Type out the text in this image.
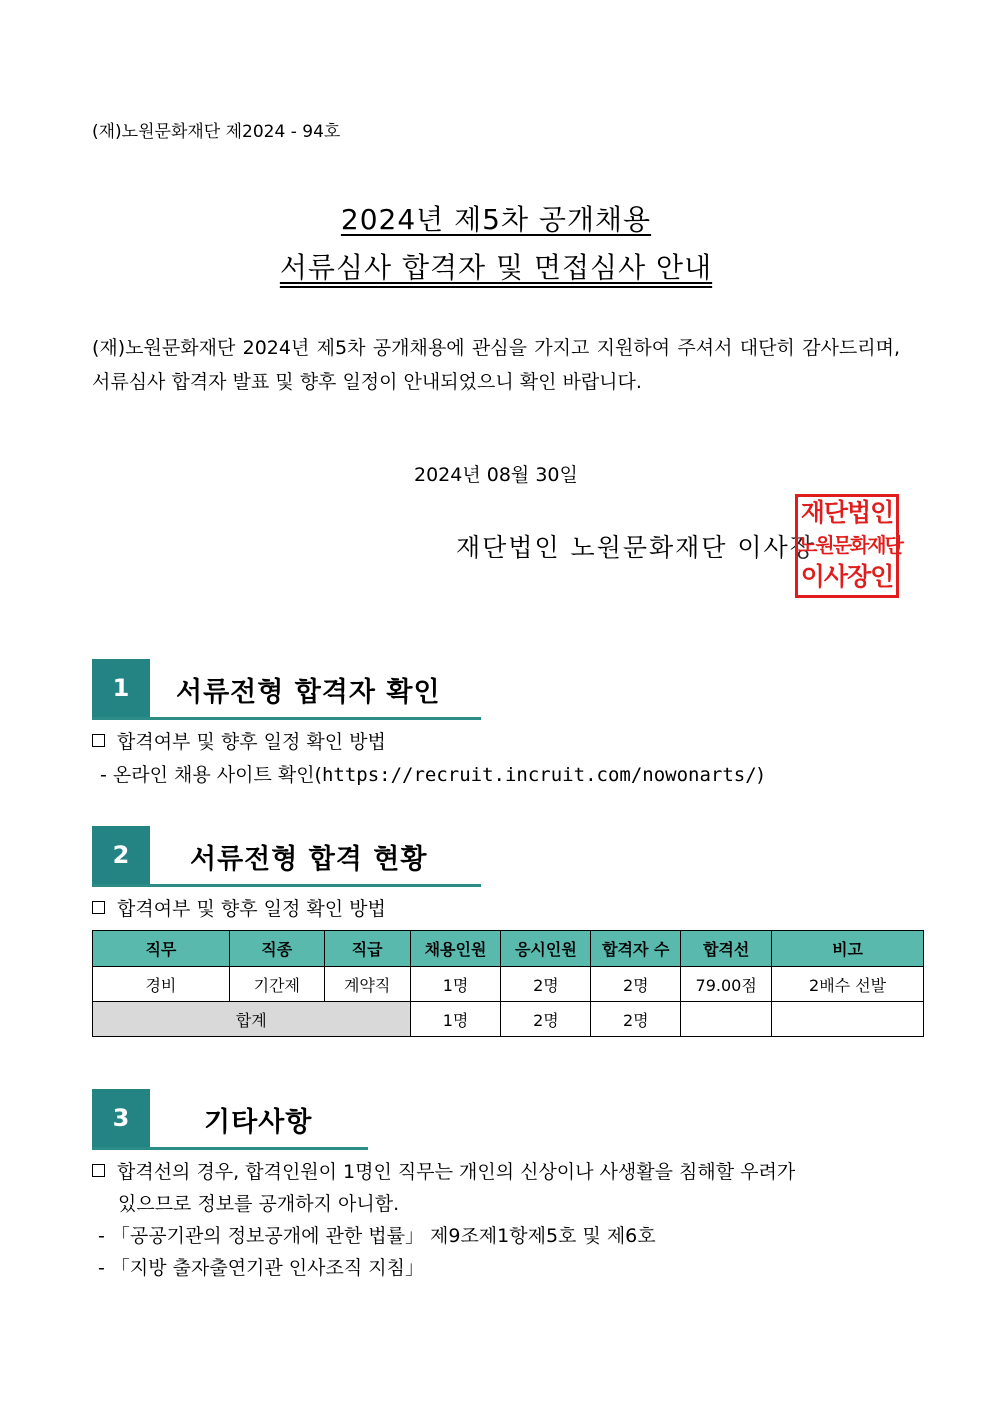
(재)노원문화재단 제2024 - 94호
2024년 제5차 공개채용
서류심사 합격자 및 면접심사 안내
(재)노원문화재단 2024년 제5차 공개채용에 관심을 가지고 지원하여 주셔서 대단히 감사드리며, 서류심사 합격자 발표 및 향후 일정이 안내되었으니 확인 바랍니다.
2024년 08월 30일
재단법인 노원문화재단 이사장
재단법인
노원문화재단
이사장인
1	서류전형 합격자 확인
합격여부 및 향후 일정 확인 방법
- 온라인 채용 사이트 확인(https://recruit.incruit.com/nowonarts/)
2	서류전형 합격 현황
합격여부 및 향후 일정 확인 방법
직무	직종	직급	채용인원	응시인원	합격자 수	합격선	비고
경비	기간제	계약직	1명	2명	2명	79.00점	2배수 선발
합계			1명	2명	2명		
3	기타사항
합격선의 경우, 합격인원이 1명인 직무는 개인의 신상이나 사생활을 침해할 우려가
있으므로 정보를 공개하지 아니함.
- 「공공기관의 정보공개에 관한 법률」 제9조제1항제5호 및 제6호
- 「지방 출자출연기관 인사조직 지침」
